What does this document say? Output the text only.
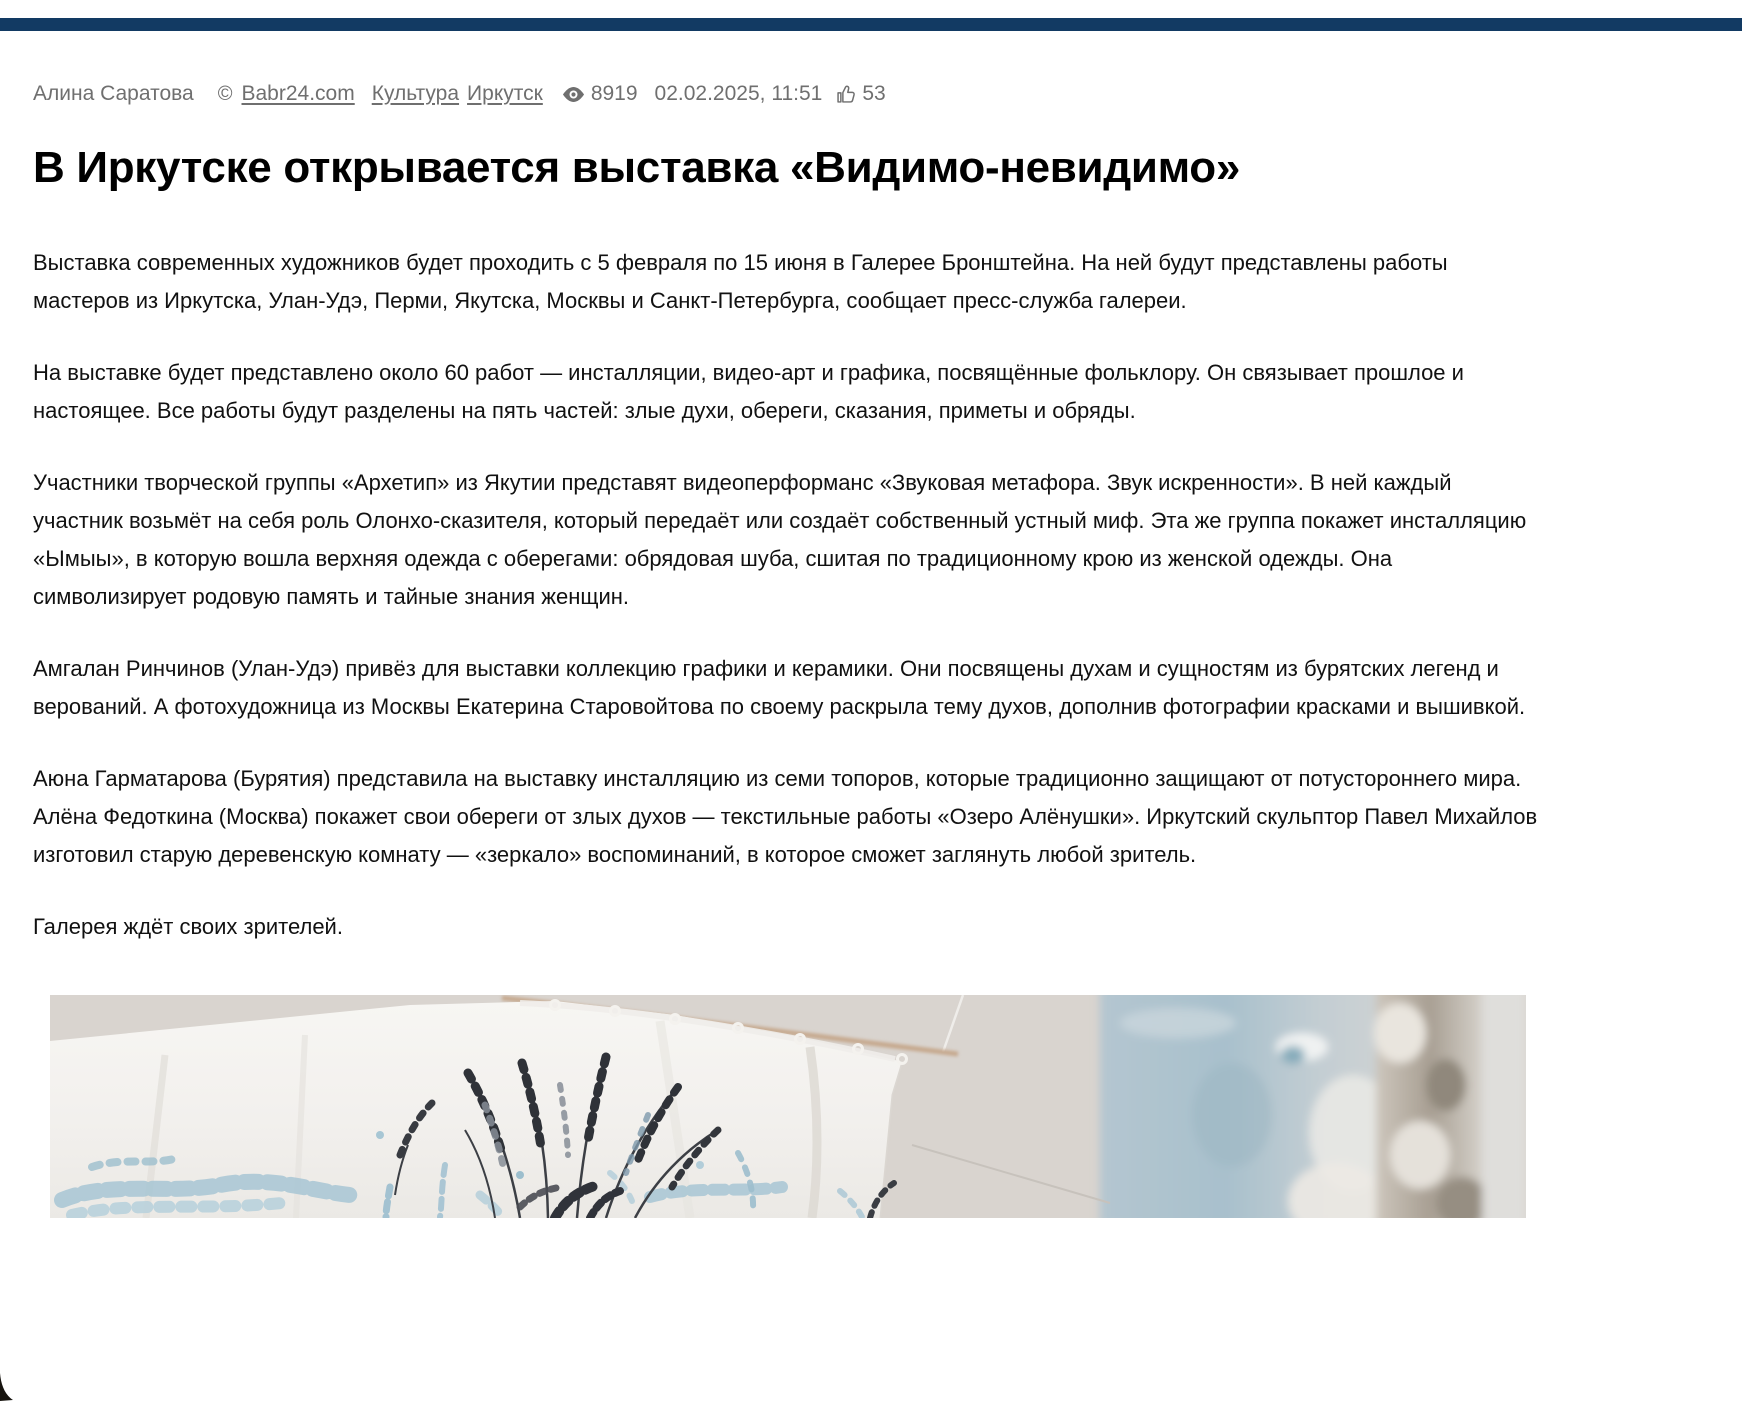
Алина Саратова © Babr24.com Культура Иркутск 8919 02.02.2025, 11:51 53
В Иркутске открывается выставка «Видимо-невидимо»

Выставка современных художников будет проходить с 5 февраля по 15 июня в Галерее Бронштейна. На ней будут представлены работы мастеров из Иркутска, Улан-Удэ, Перми, Якутска, Москвы и Санкт-Петербурга, сообщает пресс-служба галереи.

На выставке будет представлено около 60 работ — инсталляции, видео-арт и графика, посвящённые фольклору. Он связывает прошлое и настоящее. Все работы будут разделены на пять частей: злые духи, обереги, сказания, приметы и обряды.

Участники творческой группы «Архетип» из Якутии представят видеоперформанс «Звуковая метафора. Звук искренности». В ней каждый участник возьмёт на себя роль Олонхо-сказителя, который передаёт или создаёт собственный устный миф. Эта же группа покажет инсталляцию «Ымыы», в которую вошла верхняя одежда с оберегами: обрядовая шуба, сшитая по традиционному крою из женской одежды. Она символизирует родовую память и тайные знания женщин.

Амгалан Ринчинов (Улан-Удэ) привёз для выставки коллекцию графики и керамики. Они посвящены духам и сущностям из бурятских легенд и верований. А фотохудожница из Москвы Екатерина Старовойтова по своему раскрыла тему духов, дополнив фотографии красками и вышивкой.

Аюна Гарматарова (Бурятия) представила на выставку инсталляцию из семи топоров, которые традиционно защищают от потустороннего мира. Алёна Федоткина (Москва) покажет свои обереги от злых духов — текстильные работы «Озеро Алёнушки». Иркутский скульптор Павел Михайлов изготовил старую деревенскую комнату — «зеркало» воспоминаний, в которое сможет заглянуть любой зритель.

Галерея ждёт своих зрителей.
